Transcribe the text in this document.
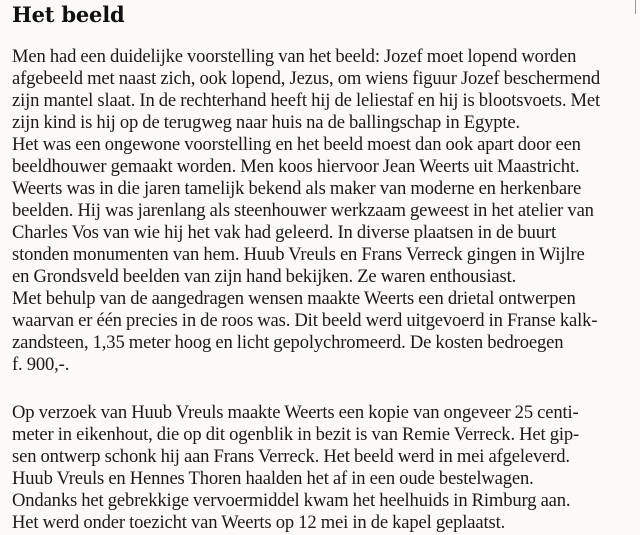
Het beeld
Men had een duidelijke voorstelling van het beeld: Jozef moet lopend worden
afgebeeld met naast zich, ook lopend, Jezus, om wiens figuur Jozef beschermend
zijn mantel slaat. In de rechterhand heeft hij de leliestaf en hij is blootsvoets. Met
zijn kind is hij op de terugweg naar huis na de ballingschap in Egypte.
Het was een ongewone voorstelling en het beeld moest dan ook apart door een
beeldhouwer gemaakt worden. Men koos hiervoor Jean Weerts uit Maastricht.
Weerts was in die jaren tamelijk bekend als maker van moderne en herkenbare
beelden. Hij was jarenlang als steenhouwer werkzaam geweest in het atelier van
Charles Vos van wie hij het vak had geleerd. In diverse plaatsen in de buurt
stonden monumenten van hem. Huub Vreuls en Frans Verreck gingen in Wijlre
en Grondsveld beelden van zijn hand bekijken. Ze waren enthousiast.
Met behulp van de aangedragen wensen maakte Weerts een drietal ontwerpen
waarvan er één precies in de roos was. Dit beeld werd uitgevoerd in Franse kalk-
zandsteen, 1,35 meter hoog en licht gepolychromeerd. De kosten bedroegen
f. 900,-.
Op verzoek van Huub Vreuls maakte Weerts een kopie van ongeveer 25 centi-
meter in eikenhout, die op dit ogenblik in bezit is van Remie Verreck. Het gip-
sen ontwerp schonk hij aan Frans Verreck. Het beeld werd in mei afgeleverd.
Huub Vreuls en Hennes Thoren haalden het af in een oude bestelwagen.
Ondanks het gebrekkige vervoermiddel kwam het heelhuids in Rimburg aan.
Het werd onder toezicht van Weerts op 12 mei in de kapel geplaatst.
